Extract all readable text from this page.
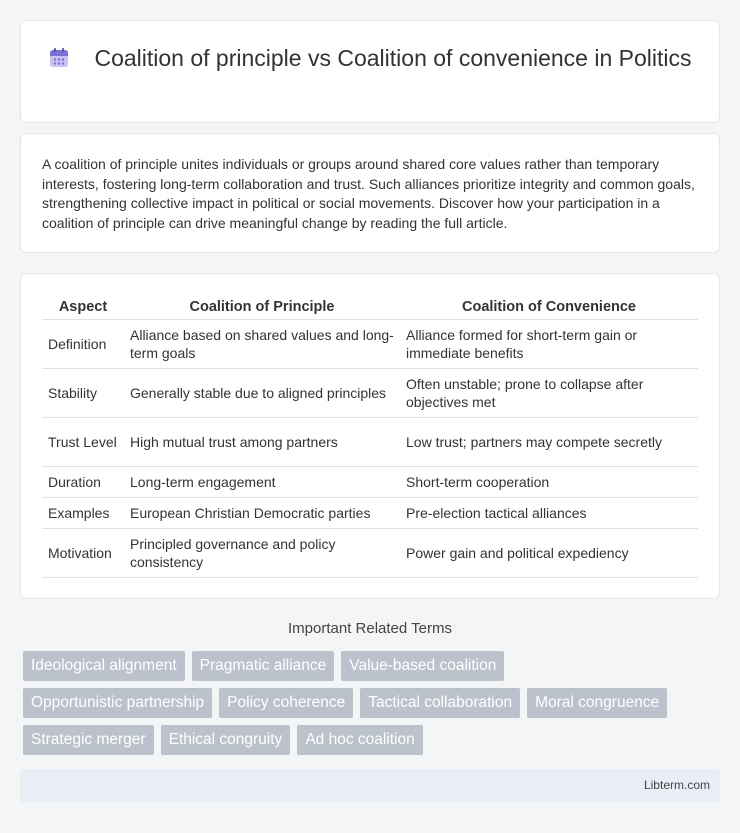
Coalition of principle vs Coalition of convenience in Politics

A coalition of principle unites individuals or groups around shared core values rather than temporary interests, fostering long-term collaboration and trust. Such alliances prioritize integrity and common goals, strengthening collective impact in political or social movements. Discover how your participation in a coalition of principle can drive meaningful change by reading the full article.

Aspect	Coalition of Principle	Coalition of Convenience
Definition	Alliance based on shared values and long-term goals	Alliance formed for short-term gain or immediate benefits
Stability	Generally stable due to aligned principles	Often unstable; prone to collapse after objectives met
Trust Level	High mutual trust among partners	Low trust; partners may compete secretly
Duration	Long-term engagement	Short-term cooperation
Examples	European Christian Democratic parties	Pre-election tactical alliances
Motivation	Principled governance and policy consistency	Power gain and political expediency
Important Related Terms
Ideological alignment	Pragmatic alliance	Value-based coalition
Opportunistic partnership	Policy coherence	Tactical collaboration	Moral congruence
Strategic merger	Ethical congruity	Ad hoc coalition
Libterm.com
